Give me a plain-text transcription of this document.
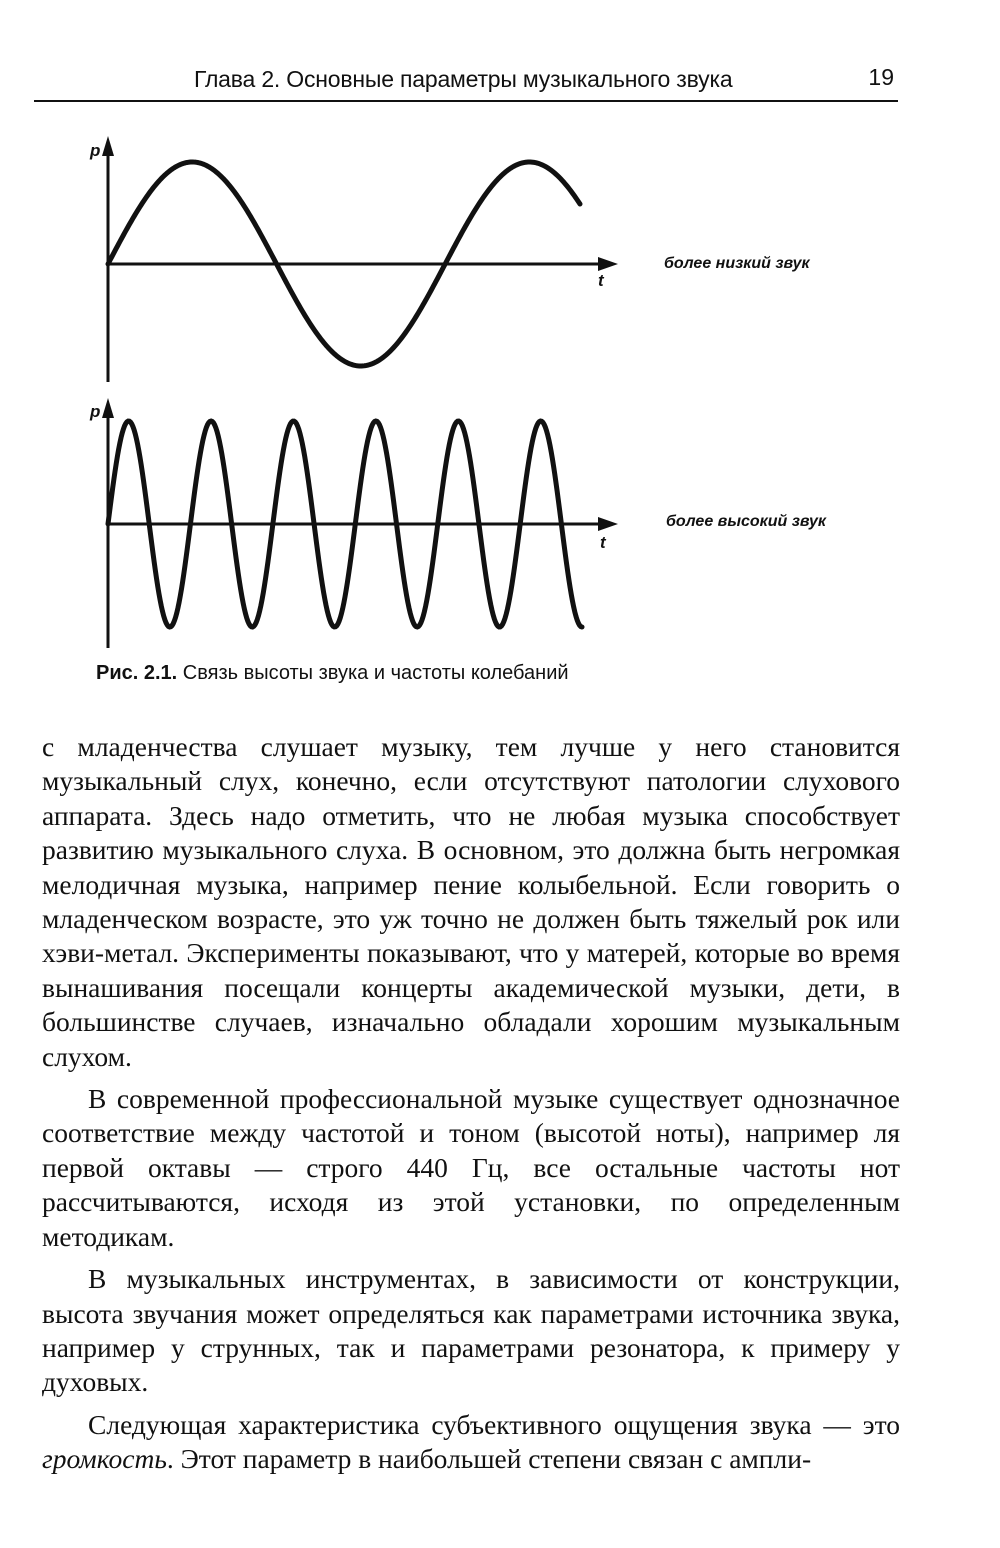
Глава 2. Основные параметры музыкального звука	19
p
t
более низкий звук
p
t
более высокий звук
Рис. 2.1. Связь высоты звука и частоты колебаний

с младенчества слушает музыку, тем лучше у него становится музыкальный слух, конечно, если отсутствуют патологии слухового аппарата. Здесь надо отметить, что не любая музыка способствует развитию музыкального слуха. В основном, это должна быть негромкая мелодичная музыка, например пение колыбельной. Если говорить о младенческом возрасте, это уж точно не должен быть тяжелый рок или хэви-метал. Эксперименты показывают, что у матерей, которые во время вынашивания посещали концерты академической музыки, дети, в большинстве случаев, изначально обладали хорошим музыкальным слухом.

В современной профессиональной музыке существует однозначное соответствие между частотой и тоном (высотой ноты), например ля первой октавы — строго 440 Гц, все остальные частоты нот рассчитываются, исходя из этой установки, по определенным методикам.

В музыкальных инструментах, в зависимости от конструкции, высота звучания может определяться как параметрами источника звука, например у струнных, так и параметрами резонатора, к примеру у духовых.

Следующая характеристика субъективного ощущения звука — это громкость. Этот параметр в наибольшей степени связан с ампли-
